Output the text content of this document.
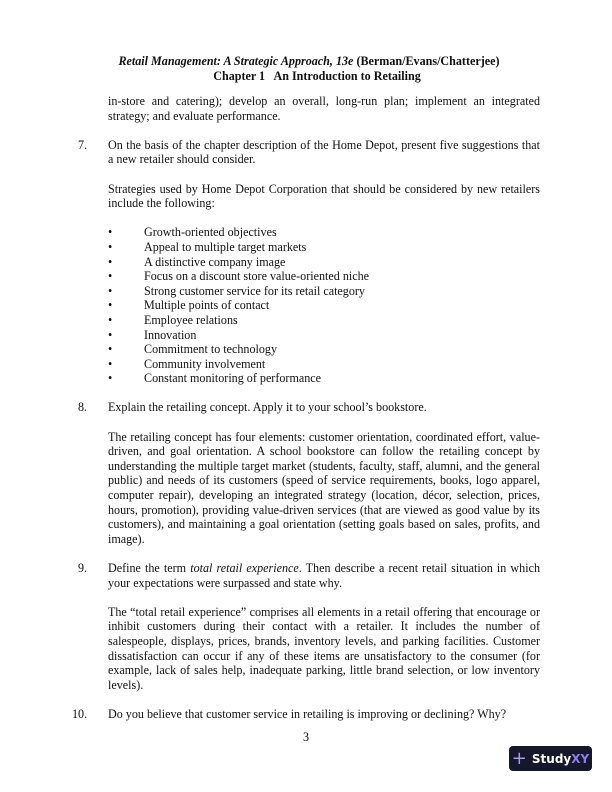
Retail Management: A Strategic Approach, 13e (Berman/Evans/Chatterjee)
Chapter 1   An Introduction to Retailing

in-store and catering); develop an overall, long-run plan; implement an integrated strategy; and evaluate performance.

7. On the basis of the chapter description of the Home Depot, present five suggestions that a new retailer should consider.

Strategies used by Home Depot Corporation that should be considered by new retailers include the following:

•	Growth-oriented objectives
•	Appeal to multiple target markets
•	A distinctive company image
•	Focus on a discount store value-oriented niche
•	Strong customer service for its retail category
•	Multiple points of contact
•	Employee relations
•	Innovation
•	Commitment to technology
•	Community involvement
•	Constant monitoring of performance
8. Explain the retailing concept. Apply it to your school’s bookstore.

The retailing concept has four elements: customer orientation, coordinated effort, value-driven, and goal orientation. A school bookstore can follow the retailing concept by understanding the multiple target market (students, faculty, staff, alumni, and the general public) and needs of its customers (speed of service requirements, books, logo apparel, computer repair), developing an integrated strategy (location, décor, selection, prices, hours, promotion), providing value-driven services (that are viewed as good value by its customers), and maintaining a goal orientation (setting goals based on sales, profits, and image).

9. Define the term total retail experience. Then describe a recent retail situation in which your expectations were surpassed and state why.

The “total retail experience” comprises all elements in a retail offering that encourage or inhibit customers during their contact with a retailer. It includes the number of salespeople, displays, prices, brands, inventory levels, and parking facilities. Customer dissatisfaction can occur if any of these items are unsatisfactory to the consumer (for example, lack of sales help, inadequate parking, little brand selection, or low inventory levels).

10. Do you believe that customer service in retailing is improving or declining? Why?
3
+ Study XY
